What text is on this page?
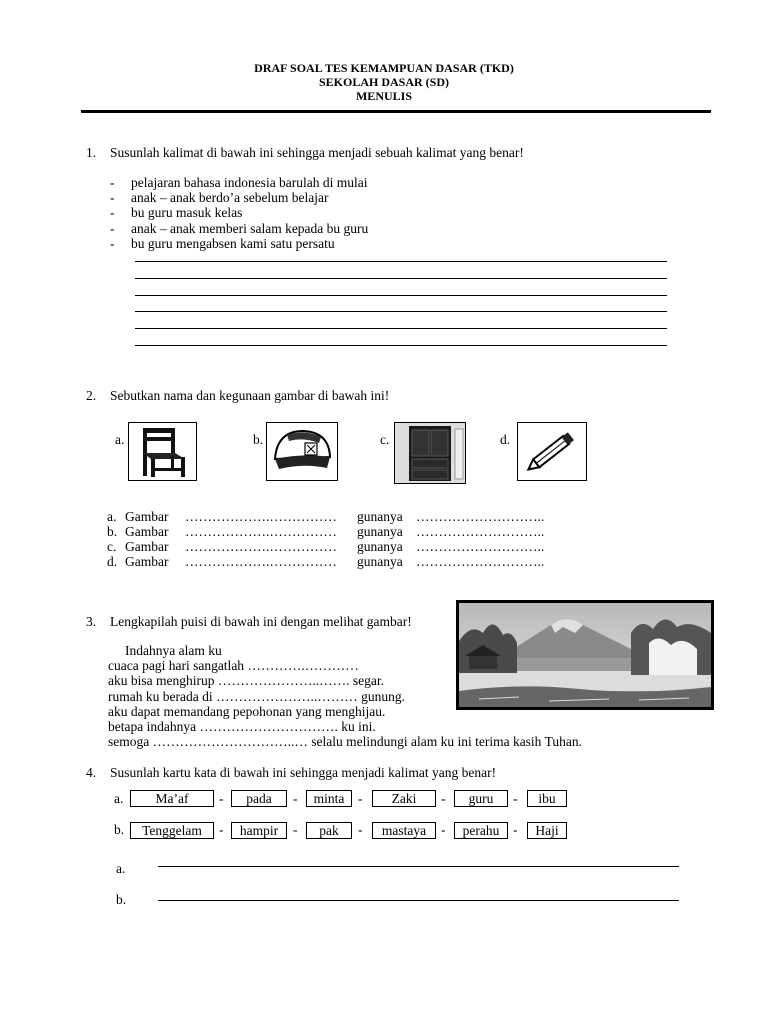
DRAF SOAL TES KEMAMPUAN DASAR (TKD)
SEKOLAH DASAR (SD)
MENULIS
1. Susunlah kalimat di bawah ini sehingga menjadi sebuah kalimat yang benar!
- pelajaran bahasa indonesia barulah di mulai
- anak – anak berdo’a sebelum belajar
- bu guru masuk kelas
- anak – anak memberi salam kepada bu guru
- bu guru mengabsen kami satu persatu
2. Sebutkan nama dan kegunaan gambar di bawah ini!
a.	b.	c.	d.
a. Gambar ……………….…………… gunanya ………………………..
b. Gambar ……………….…………… gunanya ………………………..
c. Gambar ……………….…………… gunanya ………………………..
d. Gambar ……………….…………… gunanya ………………………..
3. Lengkapilah puisi di bawah ini dengan melihat gambar!
Indahnya alam ku
cuaca pagi hari sangatlah ………….…………
aku bisa menghirup …………………..……. segar.
rumah ku berada di …………………..……… gunung.
aku dapat memandang pepohonan yang menghijau.
betapa indahnya …………………………. ku ini.
semoga …………………………..… selalu melindungi alam ku ini terima kasih Tuhan.
4. Susunlah kartu kata di bawah ini sehingga menjadi kalimat yang benar!
a.	Ma’af	-	pada	-	minta	-	Zaki	-	guru	-	ibu
b.	Tenggelam	-	hampir	-	pak	-	mastaya	-	perahu	-	Haji
a.
b.
